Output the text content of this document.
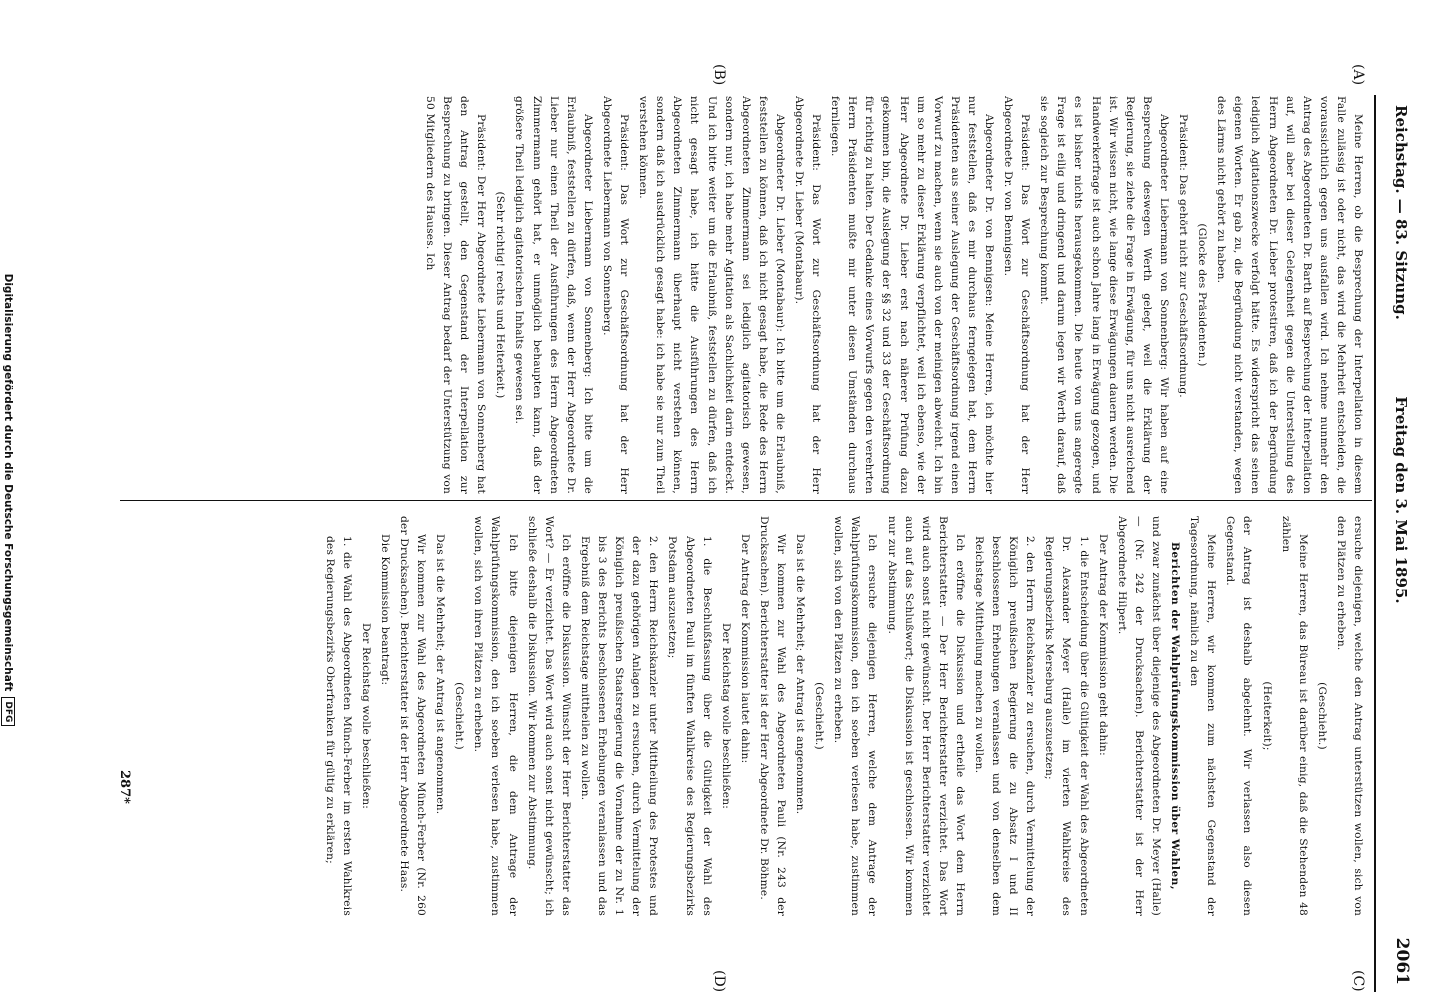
Reichstag. — 83. Sitzung.
Freitag den 3. Mai 1895.
2061
(A)
(B)
(C)
(D)

Meine Herren, ob die Besprechung der Interpellation in diesem Falle zulässig ist oder nicht, das wird die Mehrheit entscheiden, die voraussichtlich gegen uns ausfallen wird. Ich nehme nunmehr den Antrag des Abgeordneten Dr. Barth auf Besprechung der Interpellation auf, will aber bei dieser Gelegenheit gegen die Unterstellung des Herrn Abgeordneten Dr. Lieber protestiren, daß ich der Begründung lediglich Agitationszwecke verfolgt hätte. Es widerspricht das seinen eigenen Worten. Er gab zu, die Begründung nicht verstanden, wegen des Lärms nicht gehört zu haben.

(Glocke des Präsidenten.)

Präsident: Das gehört nicht zur Geschäftsordnung.

Abgeordneter Liebermann von Sonnenberg: Wir haben auf eine Besprechung deswegen Werth gelegt, weil die Erklärung der Regierung, sie ziehe die Frage in Erwägung, für uns nicht ausreichend ist. Wir wissen nicht, wie lange diese Erwägungen dauern werden. Die Handwerkerfrage ist auch schon Jahre lang in Erwägung gezogen, und es ist bisher nichts herausgekommen. Die heute von uns angeregte Frage ist eilig und dringend und darum legen wir Werth darauf, daß sie sogleich zur Besprechung kommt.

Präsident: Das Wort zur Geschäftsordnung hat der Herr Abgeordnete Dr. von Bennigsen.

Abgeordneter Dr. von Bennigsen: Meine Herren, ich möchte hier nur feststellen, daß es mir durchaus ferngelegen hat, dem Herrn Präsidenten aus seiner Auslegung der Geschäftsordnung irgend einen Vorwurf zu machen, wenn sie auch von der meinigen abweicht. Ich bin um so mehr zu dieser Erklärung verpflichtet, weil ich ebenso, wie der Herr Abgeordnete Dr. Lieber erst nach näherer Prüfung dazu gekommen bin, die Auslegung der §§ 32 und 33 der Geschäftsordnung für richtig zu halten. Der Gedanke eines Vorwurfs gegen den verehrten Herrn Präsidenten mußte mir unter diesen Umständen durchaus fernliegen.

Präsident: Das Wort zur Geschäftsordnung hat der Herr Abgeordnete Dr. Lieber (Montabaur).

Abgeordneter Dr. Lieber (Montabaur): Ich bitte um die Erlaubniß, feststellen zu können, daß ich nicht gesagt habe, die Rede des Herrn Abgeordneten Zimmermann sei lediglich agitatorisch gewesen, sondern nur, ich habe mehr Agitation als Sachlichkeit darin entdeckt. Und ich bitte weiter um die Erlaubniß, feststellen zu dürfen, daß ich nicht gesagt habe, ich hätte die Ausführungen des Herrn Abgeordneten Zimmermann überhaupt nicht verstehen können, sondern daß ich ausdrücklich gesagt habe: ich habe sie nur zum Theil verstehen können.

Präsident: Das Wort zur Geschäftsordnung hat der Herr Abgeordnete Liebermann von Sonnenberg.

Abgeordneter Liebermann von Sonnenberg: Ich bitte um die Erlaubniß, feststellen zu dürfen, daß, wenn der Herr Abgeordnete Dr. Lieber nur einen Theil der Ausführungen des Herrn Abgeordneten Zimmermann gehört hat, er unmöglich behaupten kann, daß der größere Theil lediglich agitatorischen Inhalts gewesen sei.

(Sehr richtig! rechts und Heiterkeit.)

Präsident: Der Herr Abgeordnete Liebermann von Sonnenberg hat den Antrag gestellt, den Gegenstand der Interpellation zur Besprechung zu bringen. Dieser Antrag bedarf der Unterstützung von 50 Mitgliedern des Hauses. Ich

ersuche diejenigen, welche den Antrag unterstützen wollen, sich von den Plätzen zu erheben.

(Geschieht.)

Meine Herren, das Büreau ist darüber einig, daß die Stehenden 48 zählen

(Heiterkeit);

der Antrag ist deshalb abgelehnt. Wir verlassen also diesen Gegenstand.

Meine Herren, wir kommen zum nächsten Gegenstand der Tagesordnung, nämlich zu den

Berichten der Wahlprüfungskommission über Wahlen,

und zwar zunächst über diejenige des Abgeordneten Dr. Meyer (Halle) — (Nr. 242 der Drucksachen). Berichterstatter ist der Herr Abgeordnete Hilpert.

Der Antrag der Kommission geht dahin:

1. die Entscheidung über die Gültigkeit der Wahl des Abgeordneten Dr. Alexander Meyer (Halle) im vierten Wahlkreise des Regierungsbezirks Merseburg auszusetzen;

2. den Herrn Reichskanzler zu ersuchen, durch Vermittelung der Königlich preußischen Regierung die zu Absatz I und II beschlossenen Erhebungen veranlassen und von denselben dem Reichstage Mittheilung machen zu wollen.

Ich eröffne die Diskussion und ertheile das Wort dem Herrn Berichterstatter. — Der Herr Berichterstatter verzichtet. Das Wort wird auch sonst nicht gewünscht. Der Herr Berichterstatter verzichtet auch auf das Schlußwort; die Diskussion ist geschlossen. Wir kommen nur zur Abstimmung.

Ich ersuche diejenigen Herren, welche dem Antrage der Wahlprüfungskommission, den ich soeben verlesen habe, zustimmen wollen, sich von den Plätzen zu erheben.

(Geschieht.)

Das ist die Mehrheit; der Antrag ist angenommen.

Wir kommen zur Wahl des Abgeordneten Pauli (Nr. 243 der Drucksachen). Berichterstatter ist der Herr Abgeordnete Dr. Böhme.

Der Antrag der Kommission lautet dahin:

Der Reichstag wolle beschließen:

1. die Beschlußfassung über die Gültigkeit der Wahl des Abgeordneten Pauli im fünften Wahlkreise des Regierungsbezirks Potsdam auszusetzen;

2. den Herrn Reichskanzler unter Mittheilung des Protestes und der dazu gehörigen Anlagen zu ersuchen, durch Vermittelung der Königlich preußischen Staatsregierung die Vornahme der zu Nr. 1 bis 3 des Berichts beschlossenen Erhebungen veranlassen und das Ergebniß dem Reichstage mittheilen zu wollen.

Ich eröffne die Diskussion. Wünscht der Herr Berichterstatter das Wort? — Er verzichtet. Das Wort wird auch sonst nicht gewünscht; ich schließe deshalb die Diskussion. Wir kommen zur Abstimmung.

Ich bitte diejenigen Herren, die dem Antrage der Wahlprüfungskommission, den ich soeben verlesen habe, zustimmen wollen, sich von ihren Plätzen zu erheben.

(Geschieht.)

Das ist die Mehrheit; der Antrag ist angenommen.

Wir kommen zur Wahl des Abgeordneten Münch-Ferber (Nr. 260 der Drucksachen). Berichterstatter ist der Herr Abgeordnete Haas.

Die Kommission beantragt:

Der Reichstag wolle beschließen:

1. die Wahl des Abgeordneten Münch-Ferber im ersten Wahlkreis des Regierungsbezirks Oberfranken für gültig zu erklären;

287*
Digitalisierung gefördert durch die Deutsche ForschungsgemeinschaftDFG
